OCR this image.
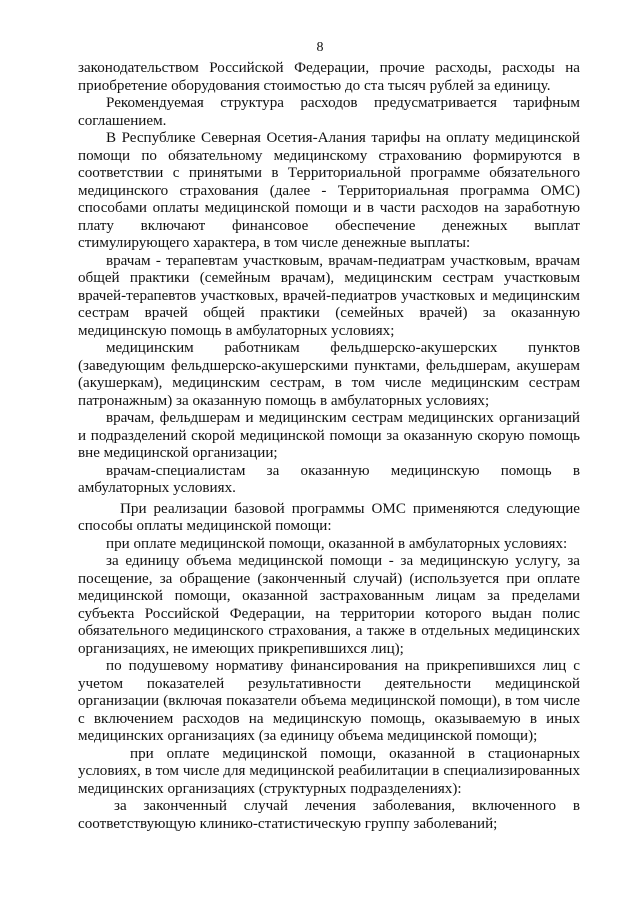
8

законодательством Российской Федерации, прочие расходы, расходы на приобретение оборудования стоимостью до ста тысяч рублей за единицу.

Рекомендуемая структура расходов предусматривается тарифным соглашением.

В Республике Северная Осетия-Алания тарифы на оплату медицинской помощи по обязательному медицинскому страхованию формируются в соответствии с принятыми в Территориальной программе обязательного медицинского страхования (далее - Территориальная программа ОМС) способами оплаты медицинской помощи и в части расходов на заработную плату включают финансовое обеспечение денежных выплат стимулирующего характера, в том числе денежные выплаты:

врачам - терапевтам участковым, врачам-педиатрам участковым, врачам общей практики (семейным врачам), медицинским сестрам участковым врачей-терапевтов участковых, врачей-педиатров участковых и медицинским сестрам врачей общей практики (семейных врачей) за оказанную медицинскую помощь в амбулаторных условиях;

медицинским работникам фельдшерско-акушерских пунктов (заведующим фельдшерско-акушерскими пунктами, фельдшерам, акушерам (акушеркам), медицинским сестрам, в том числе медицинским сестрам патронажным) за оказанную помощь в амбулаторных условиях;

врачам, фельдшерам и медицинским сестрам медицинских организаций и подразделений скорой медицинской помощи за оказанную скорую помощь вне медицинской организации;

врачам-специалистам за оказанную медицинскую помощь в амбулаторных условиях.

При реализации базовой программы ОМС применяются следующие способы оплаты медицинской помощи:

при оплате медицинской помощи, оказанной в амбулаторных условиях:

за единицу объема медицинской помощи - за медицинскую услугу, за посещение, за обращение (законченный случай) (используется при оплате медицинской помощи, оказанной застрахованным лицам за пределами субъекта Российской Федерации, на территории которого выдан полис обязательного медицинского страхования, а также в отдельных медицинских организациях, не имеющих прикрепившихся лиц);

по подушевому нормативу финансирования на прикрепившихся лиц с учетом показателей результативности деятельности медицинской организации (включая показатели объема медицинской помощи), в том числе с включением расходов на медицинскую помощь, оказываемую в иных медицинских организациях (за единицу объема медицинской помощи);

при оплате медицинской помощи, оказанной в стационарных условиях, в том числе для медицинской реабилитации в специализированных медицинских организациях (структурных подразделениях):

за законченный случай лечения заболевания, включенного в соответствующую клинико-статистическую группу заболеваний;
